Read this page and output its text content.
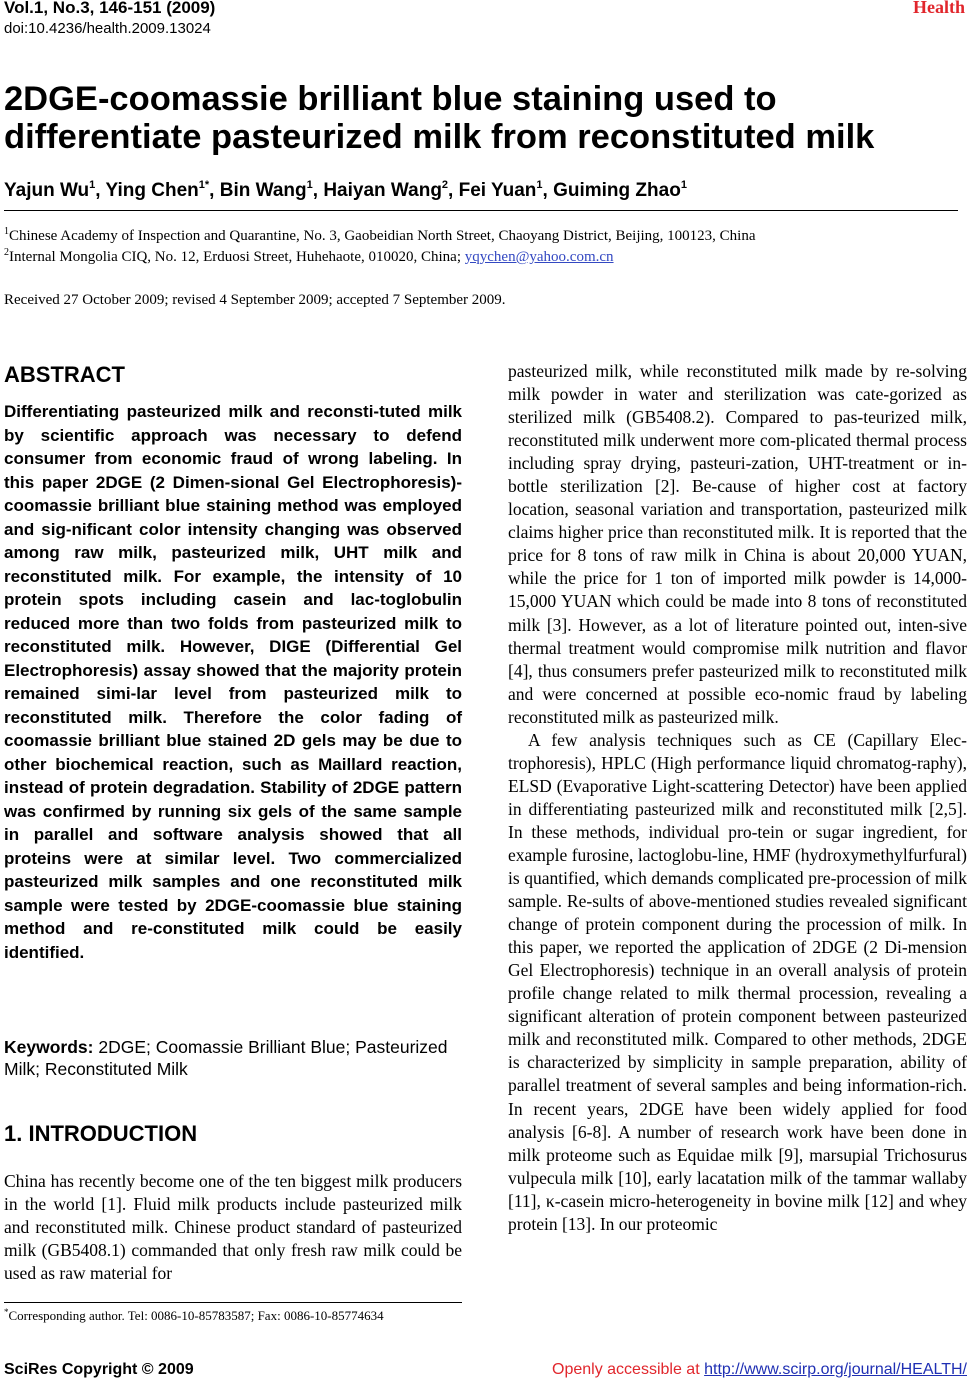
Vol.1, No.3, 146-151 (2009)
doi:10.4236/health.2009.13024
Health
2DGE-coomassie brilliant blue staining used to differentiate pasteurized milk from reconstituted milk
Yajun Wu$^1$, Ying Chen$^{1*}$, Bin Wang$^1$, Haiyan Wang$^2$, Fei Yuan$^1$, Guiming Zhao$^1$
$^1$Chinese Academy of Inspection and Quarantine, No. 3, Gaobeidian North Street, Chaoyang District, Beijing, 100123, China
$^2$Internal Mongolia CIQ, No. 12, Erduosi Street, Huhehaote, 010020, China; yqychen@yahoo.com.cn
Received 27 October 2009; revised 4 September 2009; accepted 7 September 2009.
ABSTRACT

Differentiating pasteurized milk and reconsti-tuted milk by scientific approach was necessary to defend consumer from economic fraud of wrong labeling. In this paper 2DGE (2 Dimen-sional Gel Electrophoresis)-coomassie brilliant blue staining method was employed and sig-nificant color intensity changing was observed among raw milk, pasteurized milk, UHT milk and reconstituted milk. For example, the intensity of 10 protein spots including casein and lac-toglobulin reduced more than two folds from pasteurized milk to reconstituted milk. However, DIGE (Differential Gel Electrophoresis) assay showed that the majority protein remained simi-lar level from pasteurized milk to reconstituted milk. Therefore the color fading of coomassie brilliant blue stained 2D gels may be due to other biochemical reaction, such as Maillard reaction, instead of protein degradation. Stability of 2DGE pattern was confirmed by running six gels of the same sample in parallel and software analysis showed that all proteins were at similar level. Two commercialized pasteurized milk samples and one reconstituted milk sample were tested by 2DGE-coomassie blue staining method and re-constituted milk could be easily identified.

Keywords: 2DGE; Coomassie Brilliant Blue; Pasteurized Milk; Reconstituted Milk

1. INTRODUCTION

China has recently become one of the ten biggest milk producers in the world [1]. Fluid milk products include pasteurized milk and reconstituted milk. Chinese product standard of pasteurized milk (GB5408.1) commanded that only fresh raw milk could be used as raw material for

pasteurized milk, while reconstituted milk made by re-solving milk powder in water and sterilization was cate-gorized as sterilized milk (GB5408.2). Compared to pas-teurized milk, reconstituted milk underwent more com-plicated thermal process including spray drying, pasteuri-zation, UHT-treatment or in-bottle sterilization [2]. Be-cause of higher cost at factory location, seasonal variation and transportation, pasteurized milk claims higher price than reconstituted milk. It is reported that the price for 8 tons of raw milk in China is about 20,000 YUAN, while the price for 1 ton of imported milk powder is 14,000-15,000 YUAN which could be made into 8 tons of reconstituted milk [3]. However, as a lot of literature pointed out, inten-sive thermal treatment would compromise milk nutrition and flavor [4], thus consumers prefer pasteurized milk to reconstituted milk and were concerned at possible eco-nomic fraud by labeling reconstituted milk as pasteurized milk.

A few analysis techniques such as CE (Capillary Elec-trophoresis), HPLC (High performance liquid chromatog-raphy), ELSD (Evaporative Light-scattering Detector) have been applied in differentiating pasteurized milk and reconstituted milk [2,5]. In these methods, individual pro-tein or sugar ingredient, for example furosine, lactoglobu-line, HMF (hydroxymethylfurfural) is quantified, which demands complicated pre-procession of milk sample. Re-sults of above-mentioned studies revealed significant change of protein component during the procession of milk. In this paper, we reported the application of 2DGE (2 Di-mension Gel Electrophoresis) technique in an overall analysis of protein profile change related to milk thermal procession, revealing a significant alteration of protein component between pasteurized milk and reconstituted milk. Compared to other methods, 2DGE is characterized by simplicity in sample preparation, ability of parallel treatment of several samples and being information-rich. In recent years, 2DGE have been widely applied for food analysis [6-8]. A number of research work have been done in milk proteome such as Equidae milk [9], marsupial Trichosurus vulpecula milk [10], early lacatation milk of the tammar wallaby [11], κ-casein micro-heterogeneity in bovine milk [12] and whey protein [13]. In our proteomic

*Corresponding author. Tel: 0086-10-85783587; Fax: 0086-10-85774634
SciRes Copyright © 2009	Openly accessible at http://www.scirp.org/journal/HEALTH/
